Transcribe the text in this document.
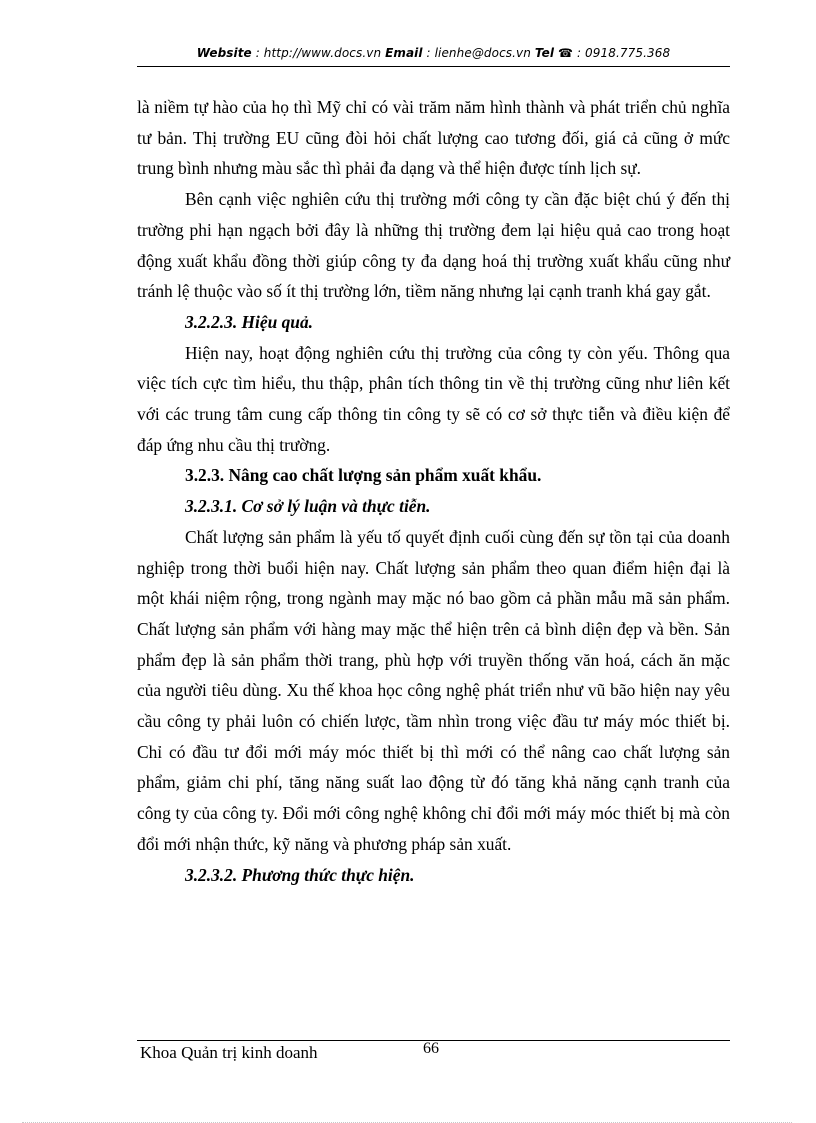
Website : http://www.docs.vn Email : lienhe@docs.vn Tel ☎ : 0918.775.368

là niềm tự hào của họ thì Mỹ chỉ có vài trăm năm hình thành và phát triển chủ nghĩa tư bản. Thị trường EU cũng đòi hỏi chất lượng cao tương đối, giá cả cũng ở mức trung bình nhưng màu sắc thì phải đa dạng và thể hiện được tính lịch sự.

Bên cạnh việc nghiên cứu thị trường mới công ty cần đặc biệt chú ý đến thị trường phi hạn ngạch bởi đây là những thị trường đem lại hiệu quả cao trong hoạt động xuất khẩu đồng thời giúp công ty đa dạng hoá thị trường xuất khẩu cũng như tránh lệ thuộc vào số ít thị trường lớn, tiềm năng nhưng lại cạnh tranh khá gay gắt.

3.2.2.3. Hiệu quả.

Hiện nay, hoạt động nghiên cứu thị trường của công ty còn yếu. Thông qua việc tích cực tìm hiểu, thu thập, phân tích thông tin về thị trường cũng như liên kết với các trung tâm cung cấp thông tin công ty sẽ có cơ sở thực tiễn và điều kiện để đáp ứng nhu cầu thị trường.

3.2.3. Nâng cao chất lượng sản phẩm xuất khẩu.

3.2.3.1. Cơ sở lý luận và thực tiễn.

Chất lượng sản phẩm là yếu tố quyết định cuối cùng đến sự tồn tại của doanh nghiệp trong thời buổi hiện nay. Chất lượng sản phẩm theo quan điểm hiện đại là một khái niệm rộng, trong ngành may mặc nó bao gồm cả phần mẫu mã sản phẩm. Chất lượng sản phẩm với hàng may mặc thể hiện trên cả bình diện đẹp và bền. Sản phẩm đẹp là sản phẩm thời trang, phù hợp với truyền thống văn hoá, cách ăn mặc của người tiêu dùng. Xu thế khoa học công nghệ phát triển như vũ bão hiện nay yêu cầu công ty phải luôn có chiến lược, tầm nhìn trong việc đầu tư máy móc thiết bị. Chỉ có đầu tư đổi mới máy móc thiết bị thì mới có thể nâng cao chất lượng sản phẩm, giảm chi phí, tăng năng suất lao động từ đó tăng khả năng cạnh tranh của công ty của công ty. Đổi mới công nghệ không chỉ đổi mới máy móc thiết bị mà còn đổi mới nhận thức, kỹ năng và phương pháp sản xuất.

3.2.3.2. Phương thức thực hiện.

Khoa Quản trị kinh doanh	66
